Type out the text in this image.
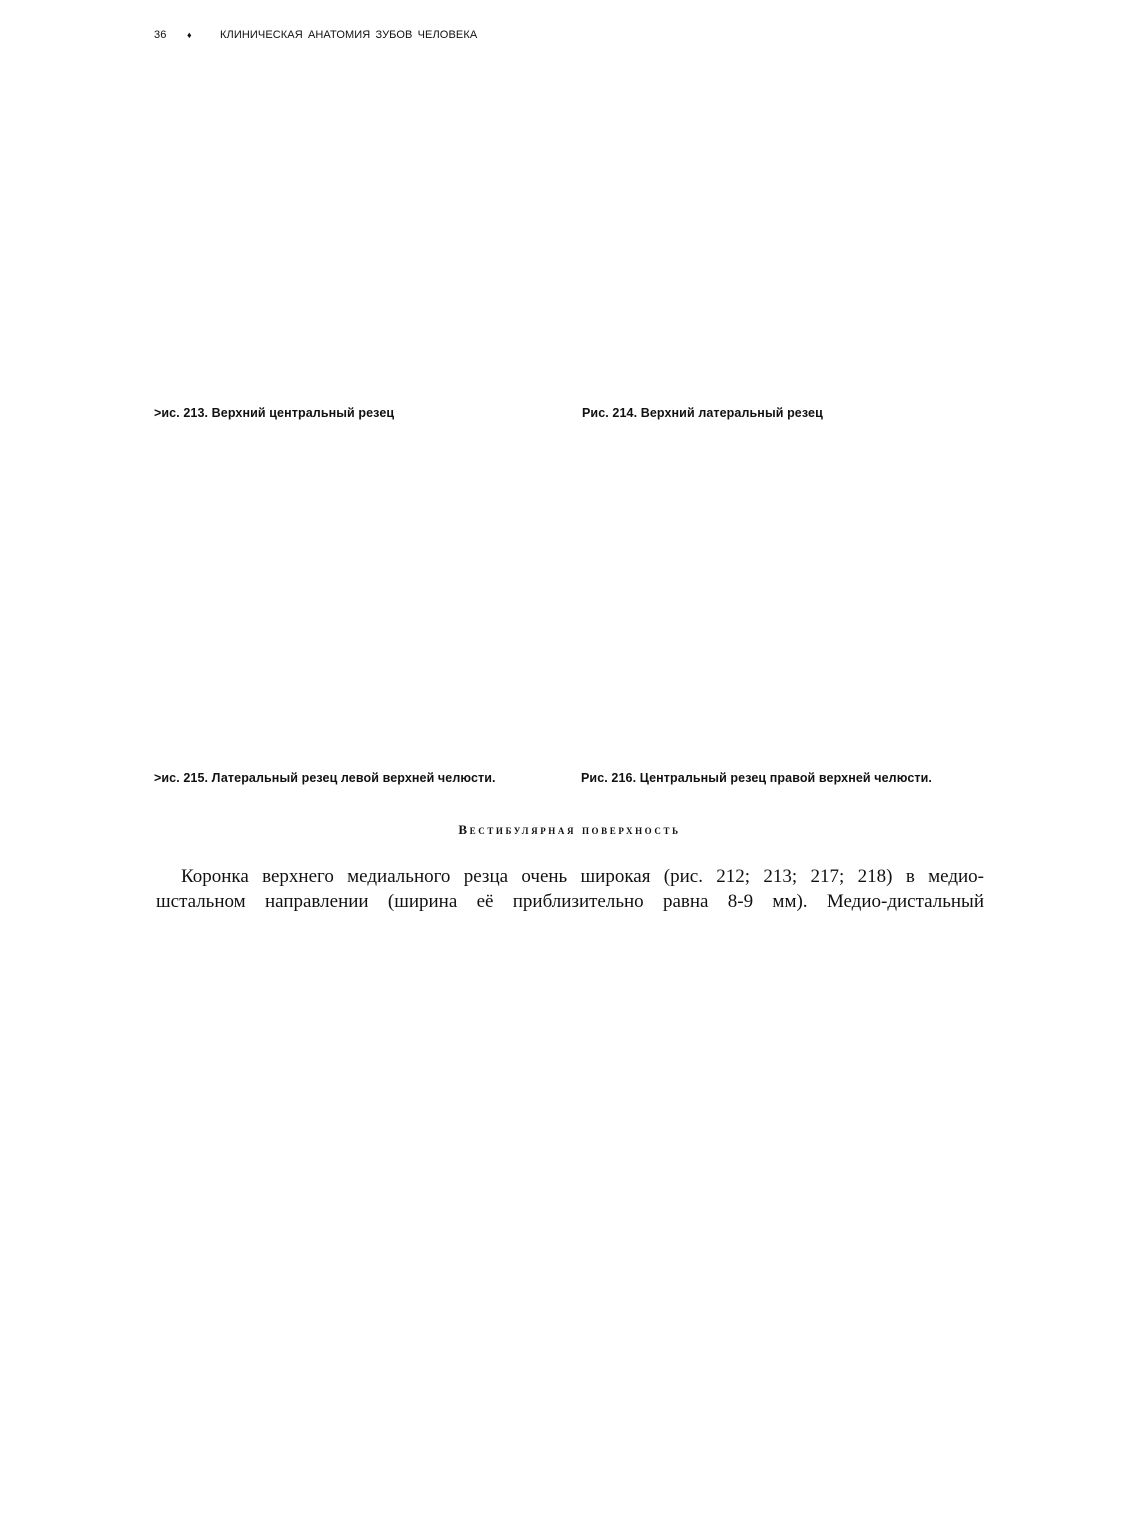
36 ♦	КЛИНИЧЕСКАЯ АНАТОМИЯ ЗУБОВ ЧЕЛОВЕКА
>ис. 213. Верхний центральный резец	Рис. 214. Верхний латеральный резец
>ис. 215. Латеральный резец левой верхней челюсти.	Рис. 216. Центральный резец правой верхней челюсти.
Вестибулярная поверхность
Коронка верхнего медиального резца очень широкая (рис. 212; 213; 217; 218) в медио-
шстальном направлении (ширина её приблизительно равна 8-9 мм). Медио-дистальный
